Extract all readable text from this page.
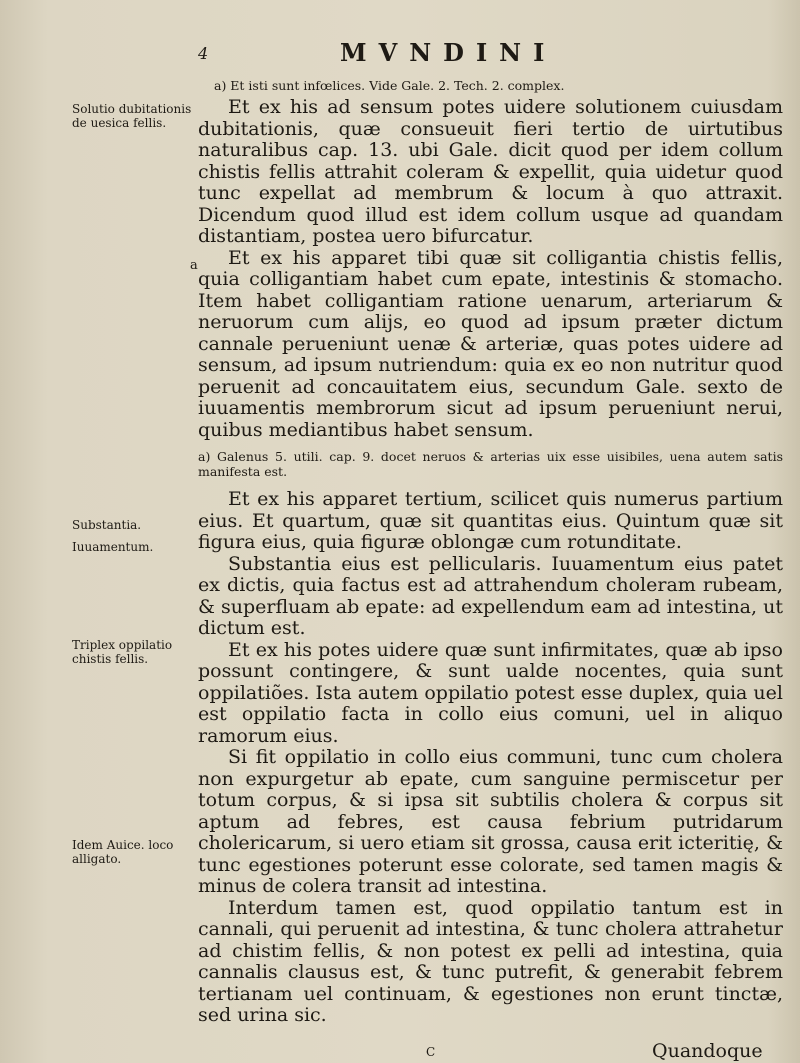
4	MVNDINI
a) Et isti sunt infœlices. Vide Gale. 2. Tech. 2. complex.
Solutio dubitationis de uesica fellis.
a
Substantia.
Iuuamentum.
Triplex oppilatio chistis fellis.
Idem Auice. loco alligato.

Et ex his ad sensum potes uidere solutionem cuiusdam dubitationis, quæ consueuit fieri tertio de uirtutibus naturalibus cap. 13. ubi Gale. dicit quod per idem collum chistis fellis attrahit coleram & expellit, quia uidetur quod tunc expellat ad membrum & locum à quo attraxit. Dicendum quod illud est idem collum usque ad quandam distantiam, postea uero bifurcatur.

Et ex his apparet tibi quæ sit colligantia chistis fellis, quia colligantiam habet cum epate, intestinis & stomacho. Item habet colligantiam ratione uenarum, arteriarum & neruorum cum alijs, eo quod ad ipsum præter dictum cannale perueniunt uenæ & arteriæ, quas potes uidere ad sensum, ad ipsum nutriendum: quia ex eo non nutritur quod peruenit ad concauitatem eius, secundum Gale. sexto de iuuamentis membrorum sicut ad ipsum perueniunt nerui, quibus mediantibus habet sensum.

a) Galenus 5. utili. cap. 9. docet neruos & arterias uix esse uisibiles, uena autem satis manifesta est.

Et ex his apparet tertium, scilicet quis numerus partium eius. Et quartum, quæ sit quantitas eius. Quintum quæ sit figura eius, quia figuræ oblongæ cum rotunditate.

Substantia eius est pellicularis. Iuuamentum eius patet ex dictis, quia factus est ad attrahendum choleram rubeam, & superfluam ab epate: ad expellendum eam ad intestina, ut dictum est.

Et ex his potes uidere quæ sunt infirmitates, quæ ab ipso possunt contingere, & sunt ualde nocentes, quia sunt oppilatiões. Ista autem oppilatio potest esse duplex, quia uel est oppilatio facta in collo eius comuni, uel in aliquo ramorum eius.

Si fit oppilatio in collo eius communi, tunc cum cholera non expurgetur ab epate, cum sanguine permiscetur per totum corpus, & si ipsa sit subtilis cholera & corpus sit aptum ad febres, est causa febrium putridarum cholericarum, si uero etiam sit grossa, causa erit icteritię, & tunc egestiones poterunt esse colorate, sed tamen magis & minus de colera transit ad intestina.

Interdum tamen est, quod oppilatio tantum est in cannali, qui peruenit ad intestina, & tunc cholera attrahetur ad chistim fellis, & non potest ex pelli ad intestina, quia cannalis clausus est, & tunc putrefit, & generabit febrem tertianam uel continuam, & egestiones non erunt tinctæ, sed urina sic.

Quandoque
C
